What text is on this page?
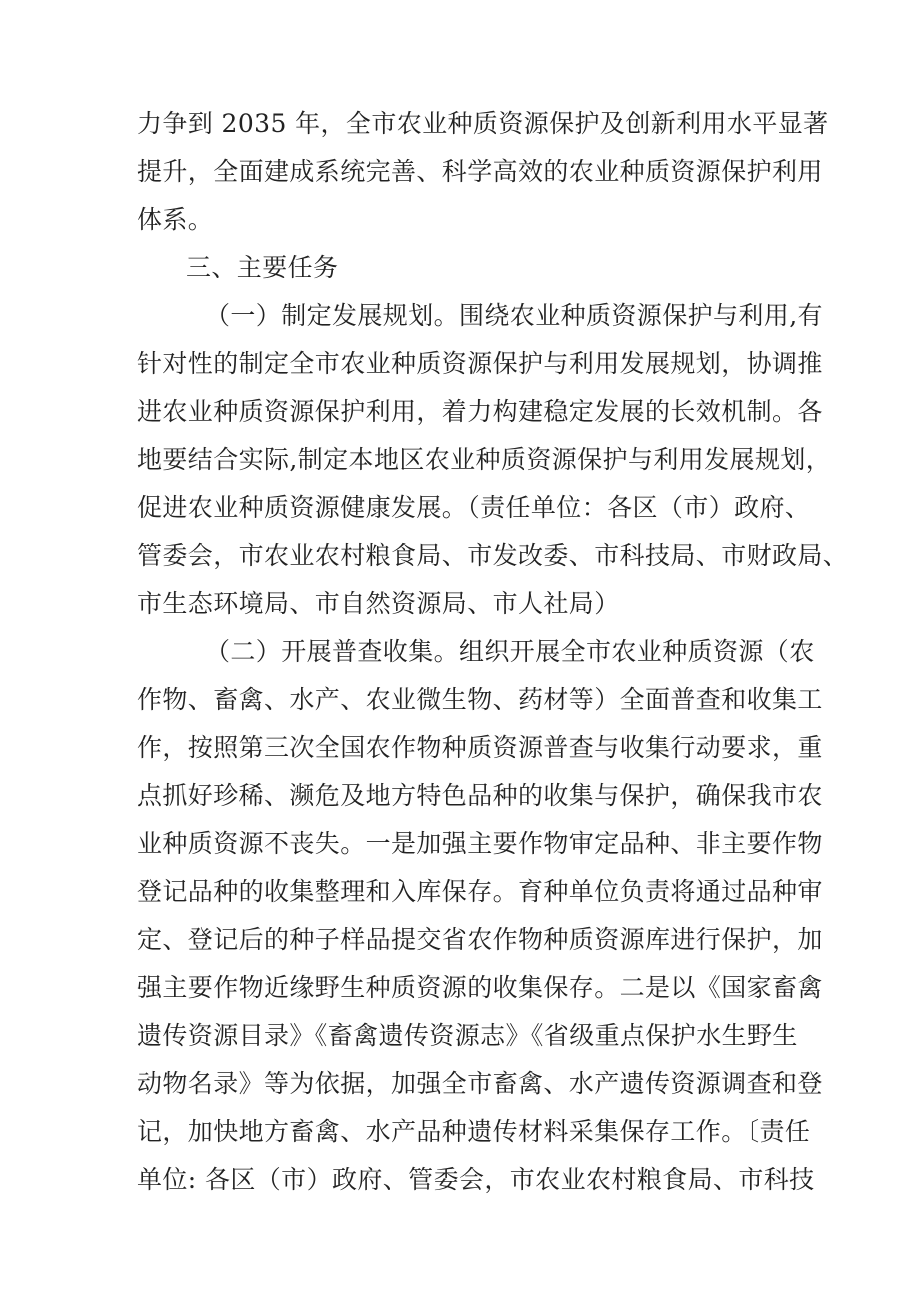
力争到 2035 年，全市农业种质资源保护及创新利用水平显著
提升，全面建成系统完善、科学高效的农业种质资源保护利用
体系。
三、主要任务
（一）制定发展规划。围绕农业种质资源保护与利用,有
针对性的制定全市农业种质资源保护与利用发展规划，协调推
进农业种质资源保护利用，着力构建稳定发展的长效机制。各
地要结合实际,制定本地区农业种质资源保护与利用发展规划，
促进农业种质资源健康发展。（责任单位：各区（市）政府、
管委会，市农业农村粮食局、市发改委、市科技局、市财政局、
市生态环境局、市自然资源局、市人社局）
（二）开展普查收集。组织开展全市农业种质资源（农
作物、畜禽、水产、农业微生物、药材等）全面普查和收集工
作，按照第三次全国农作物种质资源普查与收集行动要求，重
点抓好珍稀、濒危及地方特色品种的收集与保护，确保我市农
业种质资源不丧失。一是加强主要作物审定品种、非主要作物
登记品种的收集整理和入库保存。育种单位负责将通过品种审
定、登记后的种子样品提交省农作物种质资源库进行保护，加
强主要作物近缘野生种质资源的收集保存。二是以《国家畜禽
遗传资源目录》《畜禽遗传资源志》《省级重点保护水生野生
动物名录》等为依据，加强全市畜禽、水产遗传资源调查和登
记，加快地方畜禽、水产品种遗传材料采集保存工作。〔责任
单位: 各区（市）政府、管委会，市农业农村粮食局、市科技
